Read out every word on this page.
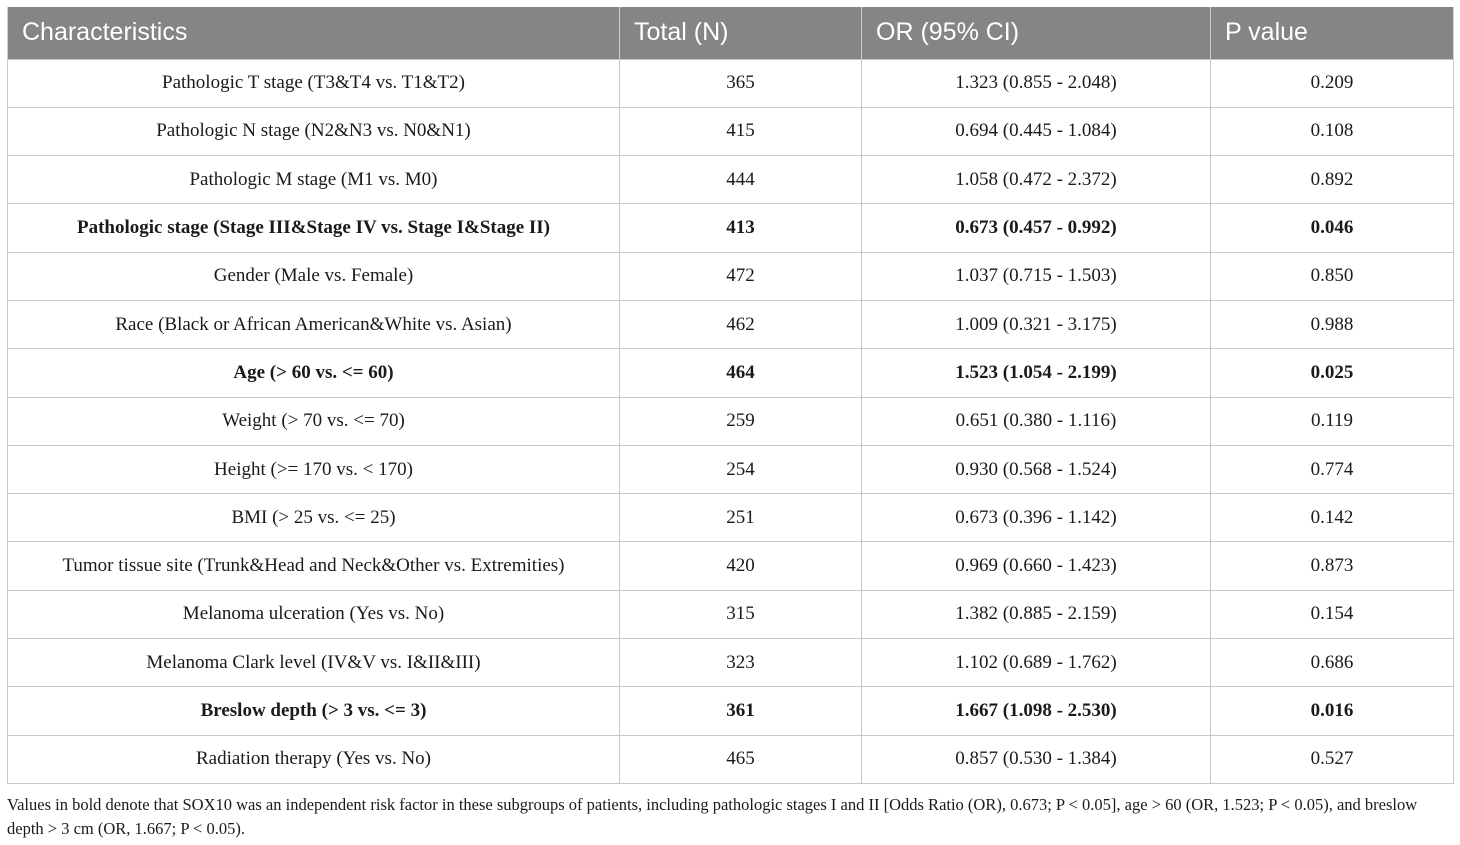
Characteristics	Total (N)	OR (95% CI)	P value
Pathologic T stage (T3&T4 vs. T1&T2)	365	1.323 (0.855 - 2.048)	0.209
Pathologic N stage (N2&N3 vs. N0&N1)	415	0.694 (0.445 - 1.084)	0.108
Pathologic M stage (M1 vs. M0)	444	1.058 (0.472 - 2.372)	0.892
Pathologic stage (Stage III&Stage IV vs. Stage I&Stage II)	413	0.673 (0.457 - 0.992)	0.046
Gender (Male vs. Female)	472	1.037 (0.715 - 1.503)	0.850
Race (Black or African American&White vs. Asian)	462	1.009 (0.321 - 3.175)	0.988
Age (> 60 vs. <= 60)	464	1.523 (1.054 - 2.199)	0.025
Weight (> 70 vs. <= 70)	259	0.651 (0.380 - 1.116)	0.119
Height (>= 170 vs. < 170)	254	0.930 (0.568 - 1.524)	0.774
BMI (> 25 vs. <= 25)	251	0.673 (0.396 - 1.142)	0.142
Tumor tissue site (Trunk&Head and Neck&Other vs. Extremities)	420	0.969 (0.660 - 1.423)	0.873
Melanoma ulceration (Yes vs. No)	315	1.382 (0.885 - 2.159)	0.154
Melanoma Clark level (IV&V vs. I&II&III)	323	1.102 (0.689 - 1.762)	0.686
Breslow depth (> 3 vs. <= 3)	361	1.667 (1.098 - 2.530)	0.016
Radiation therapy (Yes vs. No)	465	0.857 (0.530 - 1.384)	0.527
Values in bold denote that SOX10 was an independent risk factor in these subgroups of patients, including pathologic stages I and II [Odds Ratio (OR), 0.673; P < 0.05], age > 60 (OR, 1.523; P < 0.05), and breslow depth > 3 cm (OR, 1.667; P < 0.05).
